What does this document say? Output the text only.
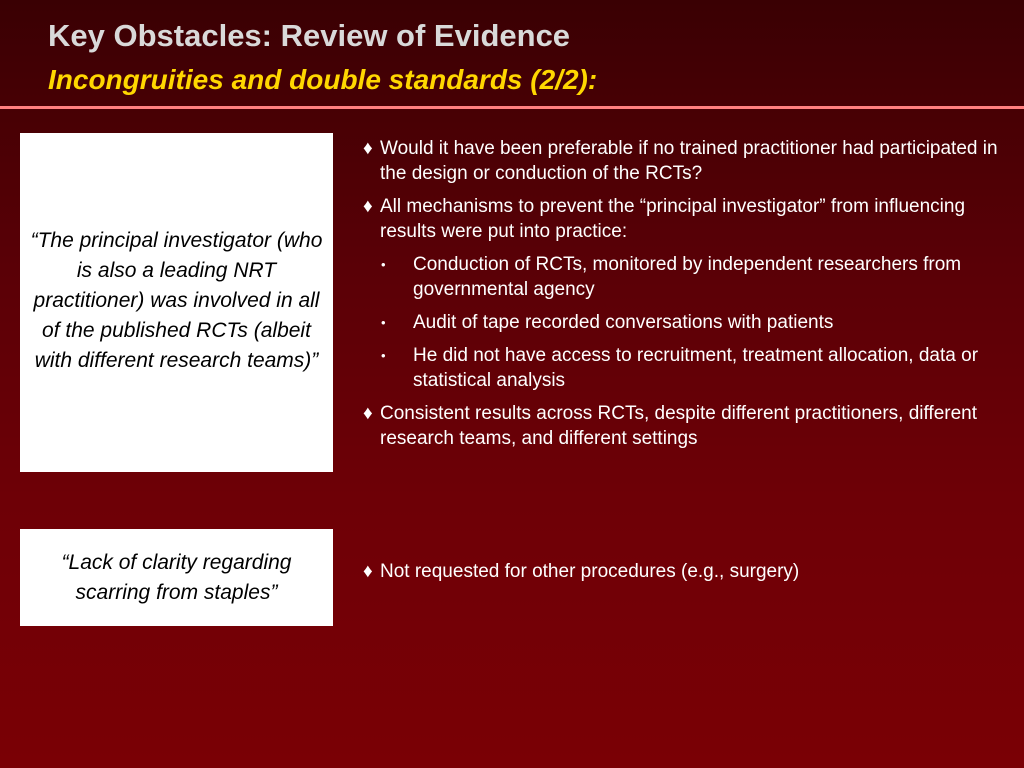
Key Obstacles: Review of Evidence
Incongruities and double standards (2/2):
“The principal investigator (who is also a leading NRT practitioner) was involved in all of the published RCTs (albeit with different research teams)”
♦ Would it have been preferable if no trained practitioner had participated in the design or conduction of the RCTs?
♦ All mechanisms to prevent the “principal investigator” from influencing results were put into practice:
• Conduction of RCTs, monitored by independent researchers from governmental agency
• Audit of tape recorded conversations with patients
• He did not have access to recruitment, treatment allocation, data or statistical analysis
♦ Consistent results across RCTs, despite different practitioners, different research teams, and different settings
“Lack of clarity regarding scarring from staples”
♦ Not requested for other procedures (e.g., surgery)
